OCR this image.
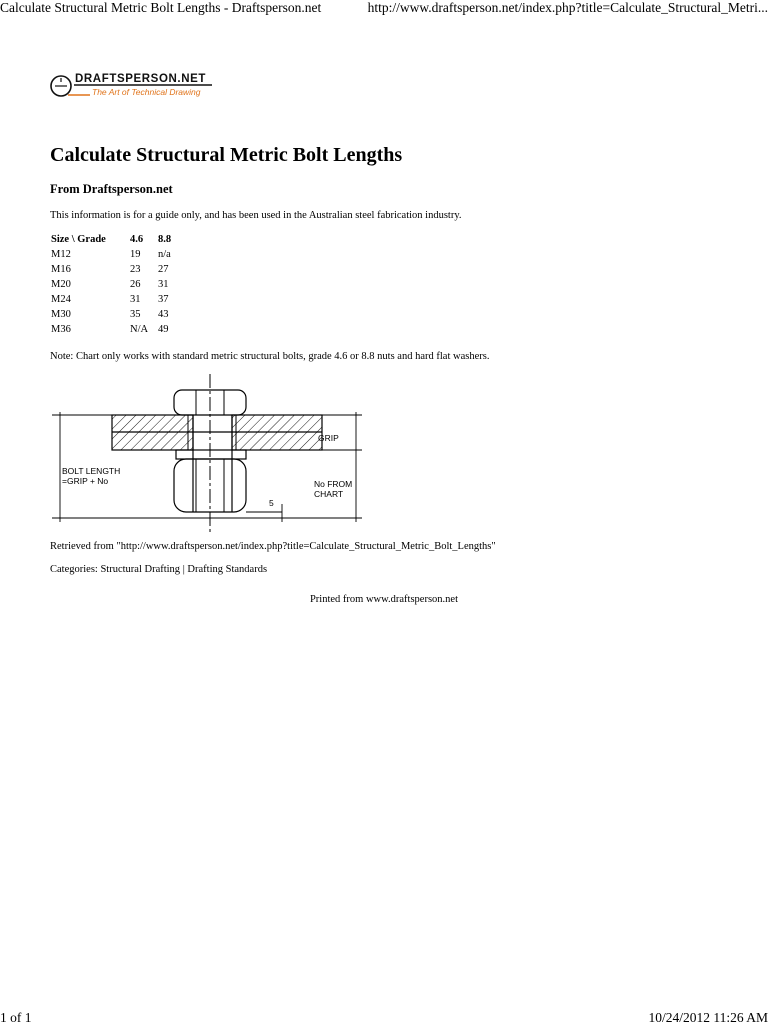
Calculate Structural Metric Bolt Lengths - Draftsperson.net	http://www.draftsperson.net/index.php?title=Calculate_Structural_Metri...
DRAFTSPERSON.NET
The Art of Technical Drawing
Calculate Structural Metric Bolt Lengths
From Draftsperson.net

This information is for a guide only, and has been used in the Australian steel fabrication industry.

Size \ Grade	4.6	8.8
M12	19	n/a
M16	23	27
M20	26	31
M24	31	37
M30	35	43
M36	N/A	49

Note: Chart only works with standard metric structural bolts, grade 4.6 or 8.8 nuts and hard flat washers.

GRIP
BOLT LENGTH
=GRIP + No	No FROM
CHART
5

Retrieved from "http://www.draftsperson.net/index.php?title=Calculate_Structural_Metric_Bolt_Lengths"

Categories: Structural Drafting | Drafting Standards

Printed from www.draftsperson.net

1 of 1	10/24/2012 11:26 AM
